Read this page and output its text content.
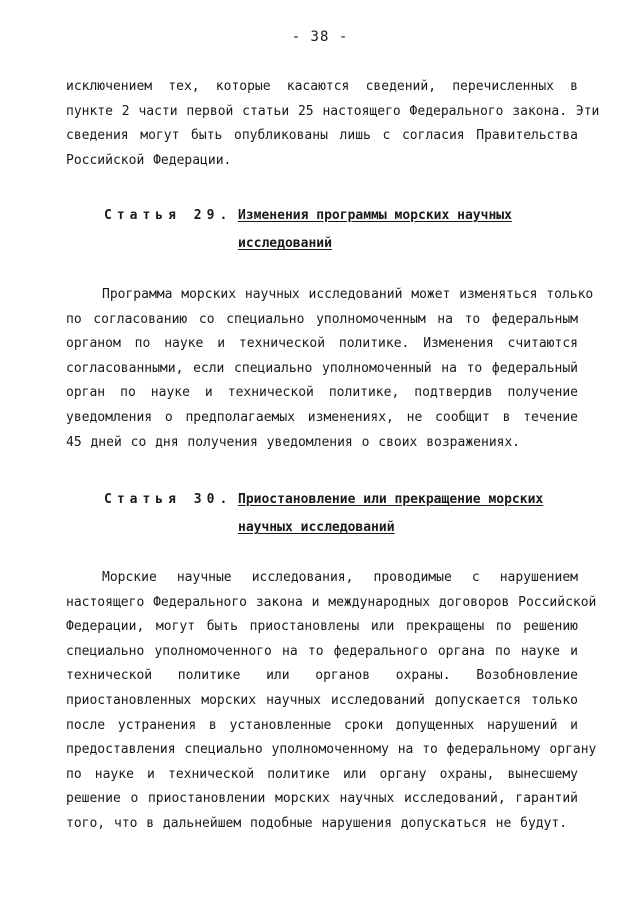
- 38 -
исключением тех, которые касаются сведений, перечисленных в
пункте 2 части первой статьи 25 настоящего Федерального закона. Эти
сведения могут быть опубликованы лишь с согласия Правительства
Российской Федерации.
Статья 29. Изменения программы морских научных
исследований
Программа морских научных исследований может изменяться только
по согласованию со специально уполномоченным на то федеральным
органом по науке и технической политике. Изменения считаются
согласованными, если специально уполномоченный на то федеральный
орган по науке и технической политике, подтвердив получение
уведомления о предполагаемых изменениях, не сообщит в течение
45 дней со дня получения уведомления о своих возражениях.
Статья 30. Приостановление или прекращение морских
научных исследований
Морские научные исследования, проводимые с нарушением
настоящего Федерального закона и международных договоров Российской
Федерации, могут быть приостановлены или прекращены по решению
специально уполномоченного на то федерального органа по науке и
технической политике или органов охраны. Возобновление
приостановленных морских научных исследований допускается только
после устранения в установленные сроки допущенных нарушений и
предоставления специально уполномоченному на то федеральному органу
по науке и технической политике или органу охраны, вынесшему
решение о приостановлении морских научных исследований, гарантий
того, что в дальнейшем подобные нарушения допускаться не будут.
